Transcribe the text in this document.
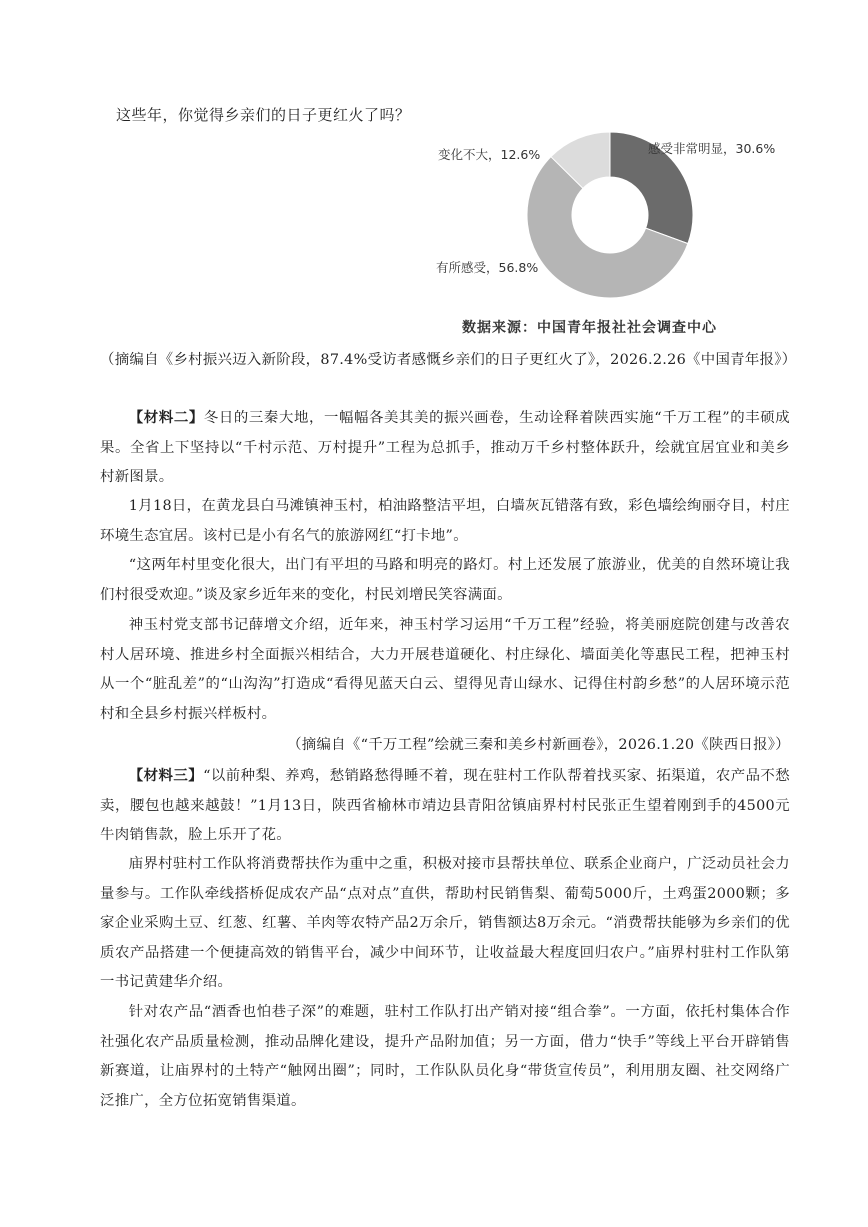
这些年，你觉得乡亲们的日子更红火了吗？
变化不大，12.6%	感受非常明显，30.6%
有所感受，56.8%
数据来源：中国青年报社社会调查中心

（摘编自《乡村振兴迈入新阶段，87.4%受访者感慨乡亲们的日子更红火了》，2026.2.26《中国青年报》）

【材料二】冬日的三秦大地，一幅幅各美其美的振兴画卷，生动诠释着陕西实施“千万工程”的丰硕成果。全省上下坚持以“千村示范、万村提升”工程为总抓手，推动万千乡村整体跃升，绘就宜居宜业和美乡村新图景。

1月18日，在黄龙县白马滩镇神玉村，柏油路整洁平坦，白墙灰瓦错落有致，彩色墙绘绚丽夺目，村庄环境生态宜居。该村已是小有名气的旅游网红“打卡地”。

“这两年村里变化很大，出门有平坦的马路和明亮的路灯。村上还发展了旅游业，优美的自然环境让我们村很受欢迎。”谈及家乡近年来的变化，村民刘增民笑容满面。

神玉村党支部书记薛增文介绍，近年来，神玉村学习运用“千万工程”经验，将美丽庭院创建与改善农村人居环境、推进乡村全面振兴相结合，大力开展巷道硬化、村庄绿化、墙面美化等惠民工程，把神玉村从一个“脏乱差”的“山沟沟”打造成“看得见蓝天白云、望得见青山绿水、记得住村韵乡愁”的人居环境示范村和全县乡村振兴样板村。

（摘编自《“千万工程”绘就三秦和美乡村新画卷》，2026.1.20《陕西日报》）

【材料三】“以前种梨、养鸡，愁销路愁得睡不着，现在驻村工作队帮着找买家、拓渠道，农产品不愁卖，腰包也越来越鼓！”1月13日，陕西省榆林市靖边县青阳岔镇庙界村村民张正生望着刚到手的4500元牛肉销售款，脸上乐开了花。

庙界村驻村工作队将消费帮扶作为重中之重，积极对接市县帮扶单位、联系企业商户，广泛动员社会力量参与。工作队牵线搭桥促成农产品“点对点”直供，帮助村民销售梨、葡萄5000斤，土鸡蛋2000颗；多家企业采购土豆、红葱、红薯、羊肉等农特产品2万余斤，销售额达8万余元。“消费帮扶能够为乡亲们的优质农产品搭建一个便捷高效的销售平台，减少中间环节，让收益最大程度回归农户。”庙界村驻村工作队第一书记黄建华介绍。

针对农产品“酒香也怕巷子深”的难题，驻村工作队打出产销对接“组合拳”。一方面，依托村集体合作社强化农产品质量检测，推动品牌化建设，提升产品附加值；另一方面，借力“快手”等线上平台开辟销售新赛道，让庙界村的土特产“触网出圈”；同时，工作队队员化身“带货宣传员”，利用朋友圈、社交网络广泛推广，全方位拓宽销售渠道。
